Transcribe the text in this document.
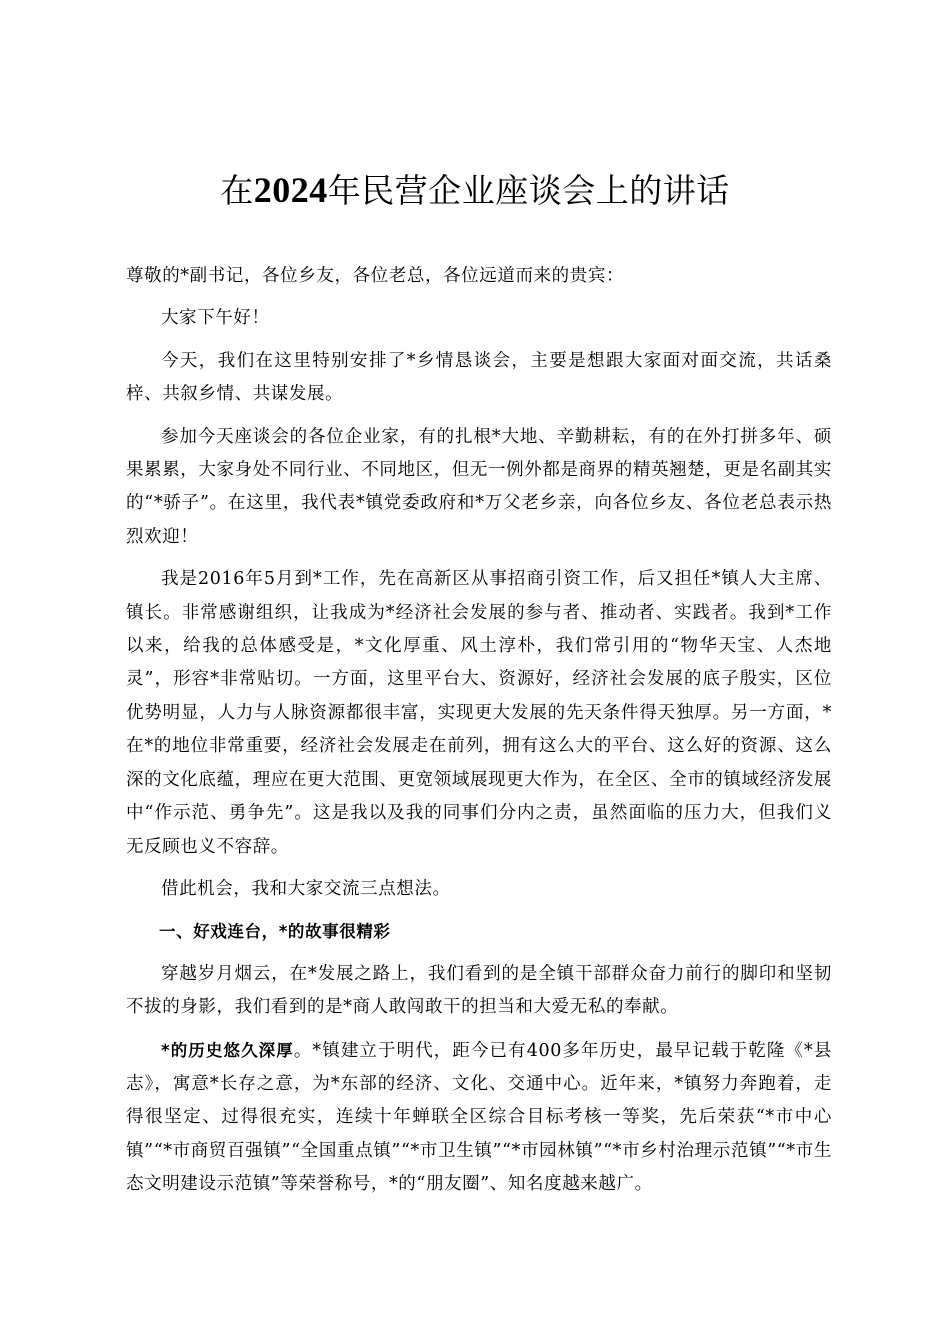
在2024年民营企业座谈会上的讲话

尊敬的*副书记，各位乡友，各位老总，各位远道而来的贵宾：

大家下午好！

今天，我们在这里特别安排了*乡情恳谈会，主要是想跟大家面对面交流，共话桑梓、共叙乡情、共谋发展。

参加今天座谈会的各位企业家，有的扎根*大地、辛勤耕耘，有的在外打拼多年、硕果累累，大家身处不同行业、不同地区，但无一例外都是商界的精英翘楚，更是名副其实的“*骄子”。在这里，我代表*镇党委政府和*万父老乡亲，向各位乡友、各位老总表示热烈欢迎！

我是2016年5月到*工作，先在高新区从事招商引资工作，后又担任*镇人大主席、镇长。非常感谢组织，让我成为*经济社会发展的参与者、推动者、实践者。我到*工作以来，给我的总体感受是，*文化厚重、风土淳朴，我们常引用的“物华天宝、人杰地灵”，形容*非常贴切。一方面，这里平台大、资源好，经济社会发展的底子殷实，区位优势明显，人力与人脉资源都很丰富，实现更大发展的先天条件得天独厚。另一方面，*在*的地位非常重要，经济社会发展走在前列，拥有这么大的平台、这么好的资源、这么深的文化底蕴，理应在更大范围、更宽领域展现更大作为，在全区、全市的镇域经济发展中“作示范、勇争先”。这是我以及我的同事们分内之责，虽然面临的压力大，但我们义无反顾也义不容辞。

借此机会，我和大家交流三点想法。

一、好戏连台，*的故事很精彩

穿越岁月烟云，在*发展之路上，我们看到的是全镇干部群众奋力前行的脚印和坚韧不拔的身影，我们看到的是*商人敢闯敢干的担当和大爱无私的奉献。

*的历史悠久深厚。*镇建立于明代，距今已有400多年历史，最早记载于乾隆《*县志》，寓意*长存之意，为*东部的经济、文化、交通中心。近年来，*镇努力奔跑着，走得很坚定、过得很充实，连续十年蝉联全区综合目标考核一等奖，先后荣获“*市中心镇”“*市商贸百强镇”“全国重点镇”“*市卫生镇”“*市园林镇”“*市乡村治理示范镇”“*市生态文明建设示范镇”等荣誉称号，*的“朋友圈”、知名度越来越广。
